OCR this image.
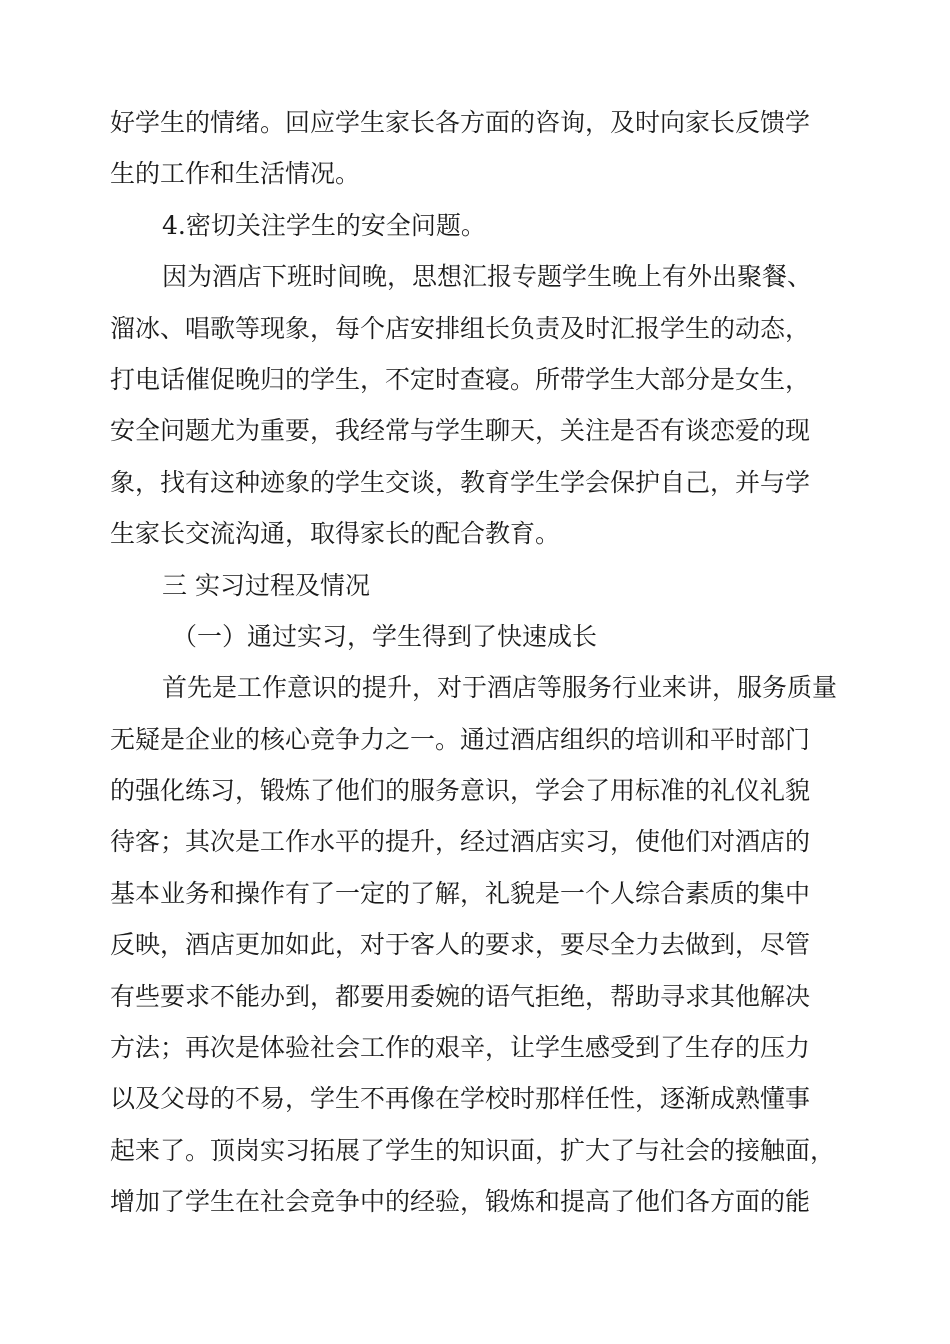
好学生的情绪。回应学生家长各方面的咨询，及时向家长反馈学
生的工作和生活情况。
4.密切关注学生的安全问题。
因为酒店下班时间晚，思想汇报专题学生晚上有外出聚餐、
溜冰、唱歌等现象，每个店安排组长负责及时汇报学生的动态，
打电话催促晚归的学生，不定时查寝。所带学生大部分是女生，
安全问题尤为重要，我经常与学生聊天，关注是否有谈恋爱的现
象，找有这种迹象的学生交谈，教育学生学会保护自己，并与学
生家长交流沟通，取得家长的配合教育。
三 实习过程及情况
（一）通过实习，学生得到了快速成长
首先是工作意识的提升，对于酒店等服务行业来讲，服务质量
无疑是企业的核心竞争力之一。通过酒店组织的培训和平时部门
的强化练习，锻炼了他们的服务意识，学会了用标准的礼仪礼貌
待客；其次是工作水平的提升，经过酒店实习，使他们对酒店的
基本业务和操作有了一定的了解，礼貌是一个人综合素质的集中
反映，酒店更加如此，对于客人的要求，要尽全力去做到，尽管
有些要求不能办到，都要用委婉的语气拒绝，帮助寻求其他解决
方法；再次是体验社会工作的艰辛，让学生感受到了生存的压力
以及父母的不易，学生不再像在学校时那样任性，逐渐成熟懂事
起来了。顶岗实习拓展了学生的知识面，扩大了与社会的接触面，
增加了学生在社会竞争中的经验，锻炼和提高了他们各方面的能
